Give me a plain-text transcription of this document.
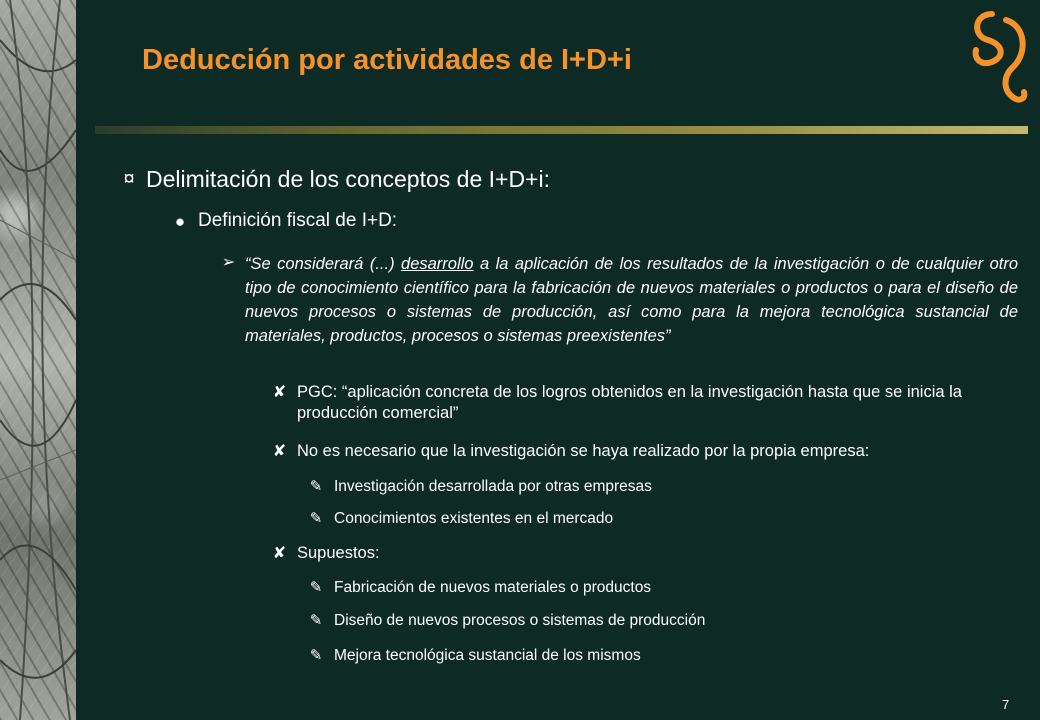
Deducción por actividades de I+D+i
¤ Delimitación de los conceptos de I+D+i:
● Definición fiscal de I+D:
➢ “Se considerará (...) desarrollo a la aplicación de los resultados de la investigación o de cualquier otro tipo de conocimiento científico para la fabricación de nuevos materiales o productos o para el diseño de nuevos procesos o sistemas de producción, así como para la mejora tecnológica sustancial de materiales, productos, procesos o sistemas preexistentes”
✘ PGC: “aplicación concreta de los logros obtenidos en la investigación hasta que se inicia la producción comercial”
✘ No es necesario que la investigación se haya realizado por la propia empresa:
✎ Investigación desarrollada por otras empresas
✎ Conocimientos existentes en el mercado
✘ Supuestos:
✎ Fabricación de nuevos materiales o productos
✎ Diseño de nuevos procesos o sistemas de producción
✎ Mejora tecnológica sustancial de los mismos
7
